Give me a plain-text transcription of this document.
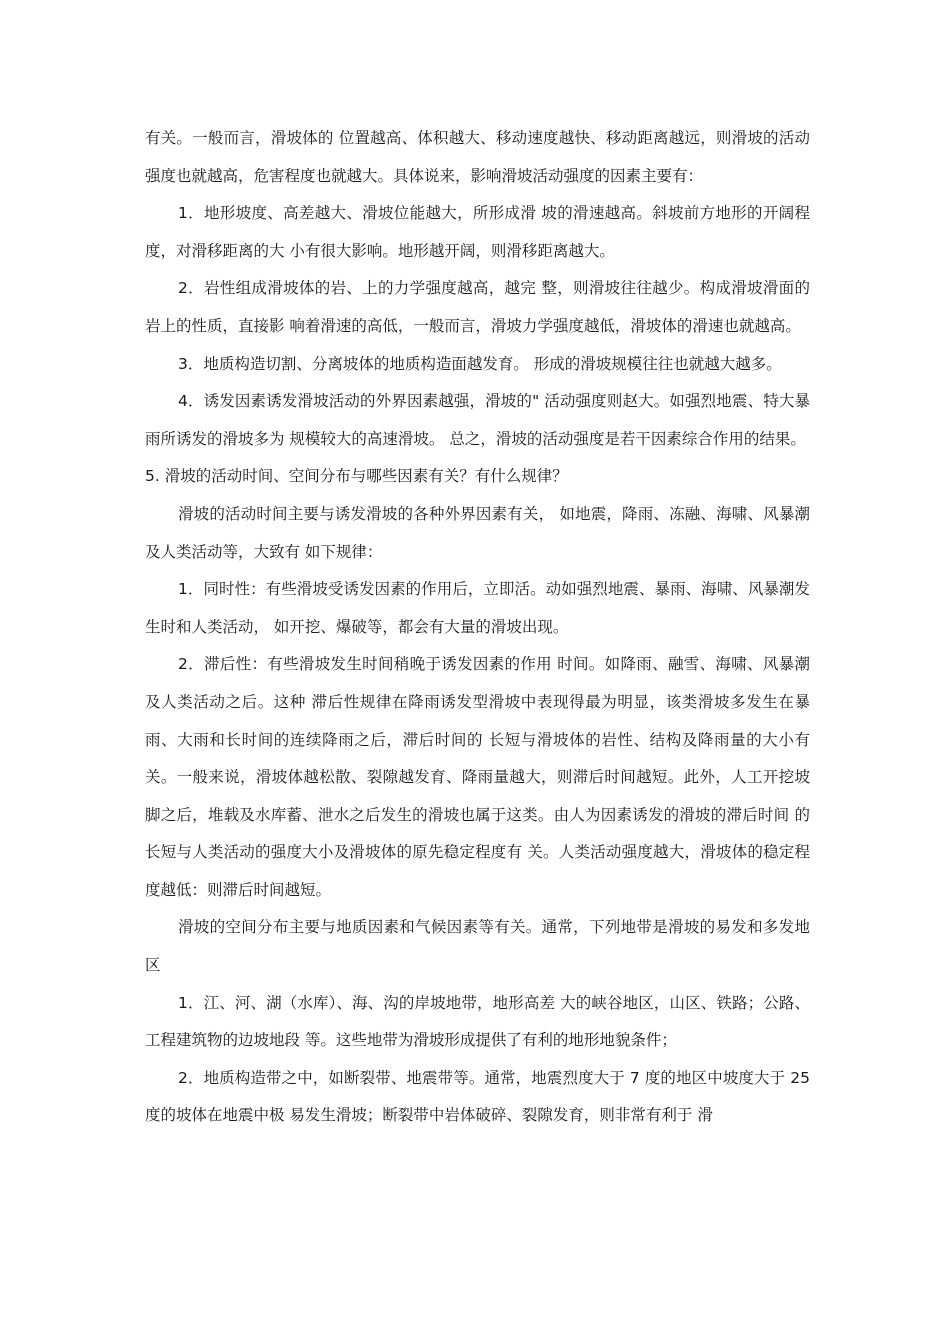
有关。一般而言，滑坡体的 位置越高、体积越大、移动速度越快、移动距离越远，则滑坡的活动强度也就越高，危害程度也就越大。具体说来，影响滑坡活动强度的因素主要有：

1．地形坡度、高差越大、滑坡位能越大，所形成滑 坡的滑速越高。斜坡前方地形的开阔程度，对滑移距离的大 小有很大影响。地形越开阔，则滑移距离越大。

2．岩性组成滑坡体的岩、上的力学强度越高，越完 整，则滑坡往往越少。构成滑坡滑面的岩上的性质，直接影 响着滑速的高低，一般而言，滑坡力学强度越低，滑坡体的滑速也就越高。

3．地质构造切割、分离坡体的地质构造面越发育。 形成的滑坡规模往往也就越大越多。

4．诱发因素诱发滑坡活动的外界因素越强，滑坡的" 活动强度则赵大。如强烈地震、特大暴雨所诱发的滑坡多为 规模较大的高速滑坡。 总之，滑坡的活动强度是若干因素综合作用的结果。

5. 滑坡的活动时间、空间分布与哪些因素有关？有什么规律？

滑坡的活动时间主要与诱发滑坡的各种外界因素有关， 如地震，降雨、冻融、海啸、风暴潮及人类活动等，大致有 如下规律：

1．同时性：有些滑坡受诱发因素的作用后，立即活。动如强烈地震、暴雨、海啸、风暴潮发生时和人类活动， 如开挖、爆破等，都会有大量的滑坡出现。

2．滞后性：有些滑坡发生时间稍晚于诱发因素的作用 时间。如降雨、融雪、海啸、风暴潮及人类活动之后。这种 滞后性规律在降雨诱发型滑坡中表现得最为明显，该类滑坡多发生在暴雨、大雨和长时间的连续降雨之后，滞后时间的 长短与滑坡体的岩性、结构及降雨量的大小有关。一般来说，滑坡体越松散、裂隙越发育、降雨量越大，则滞后时间越短。此外，人工开挖坡脚之后，堆载及水库蓄、泄水之后发生的滑坡也属于这类。由人为因素诱发的滑坡的滞后时间 的长短与人类活动的强度大小及滑坡体的原先稳定程度有 关。人类活动强度越大，滑坡体的稳定程度越低：则滞后时间越短。

滑坡的空间分布主要与地质因素和气候因素等有关。通常，下列地带是滑坡的易发和多发地区

1．江、河、湖（水库）、海、沟的岸坡地带，地形高差 大的峡谷地区，山区、铁路；公路、工程建筑物的边坡地段 等。这些地带为滑坡形成提供了有利的地形地貌条件；

2．地质构造带之中，如断裂带、地震带等。通常，地震烈度大于 7 度的地区中坡度大于 25 度的坡体在地震中极 易发生滑坡；断裂带中岩体破碎、裂隙发育，则非常有利于 滑
